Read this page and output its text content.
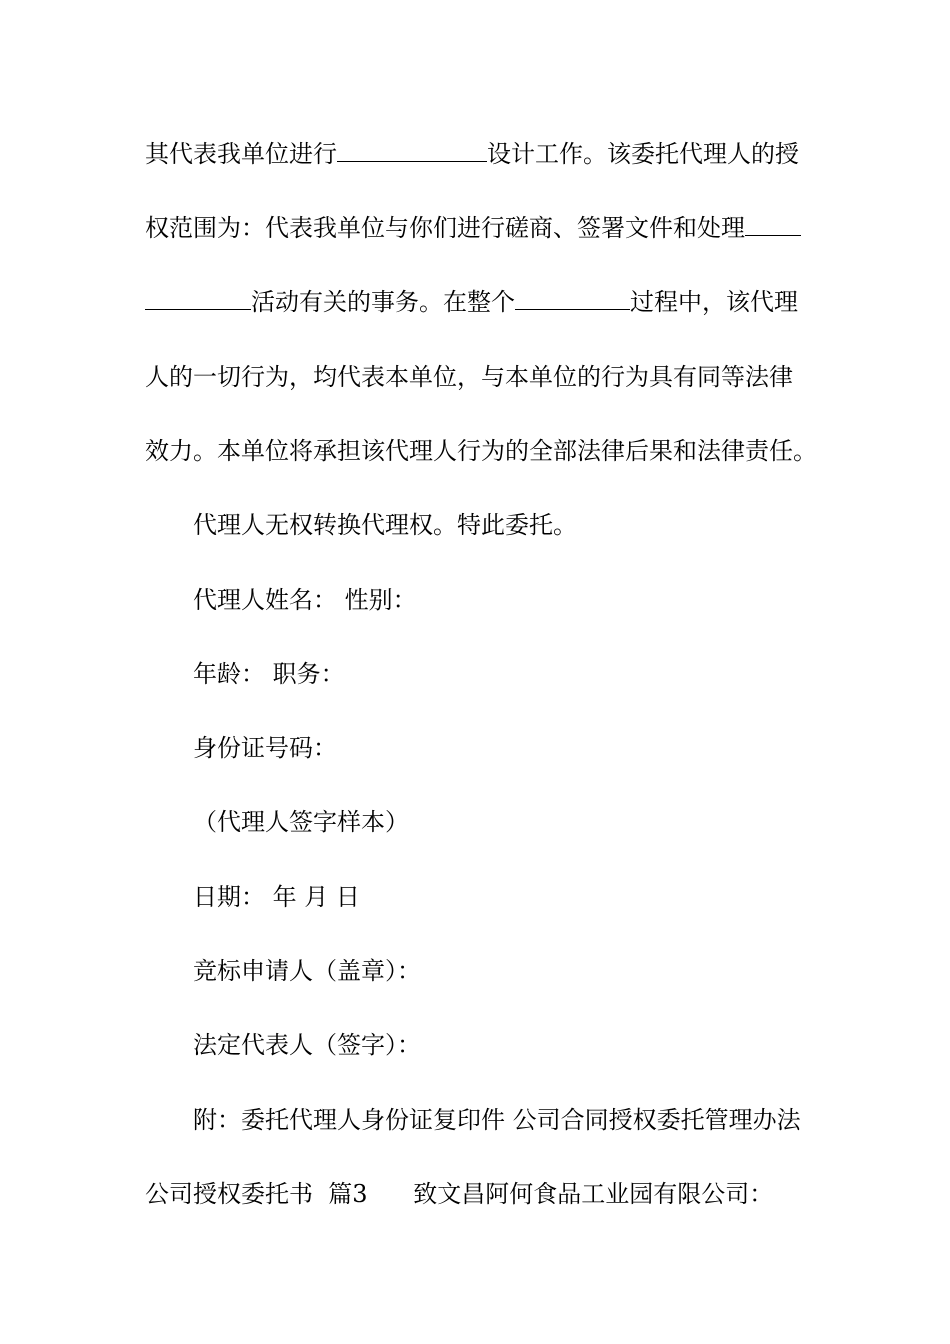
其代表我单位进行	设计工作。该委托代理人的授
权范围为：代表我单位与你们进行磋商、签署文件和处理
活动有关的事务。在整个	过程中，该代理
人的一切行为，均代表本单位，与本单位的行为具有同等法律
效力。本单位将承担该代理人行为的全部法律后果和法律责任。
代理人无权转换代理权。特此委托。
代理人姓名： 性别：
年龄： 职务：
身份证号码：
（代理人签字样本）
日期： 年 月 日
竞标申请人（盖章）：
法定代表人（签字）：
附：委托代理人身份证复印件 公司合同授权委托管理办法
公司授权委托书  篇3      致文昌阿何食品工业园有限公司：
